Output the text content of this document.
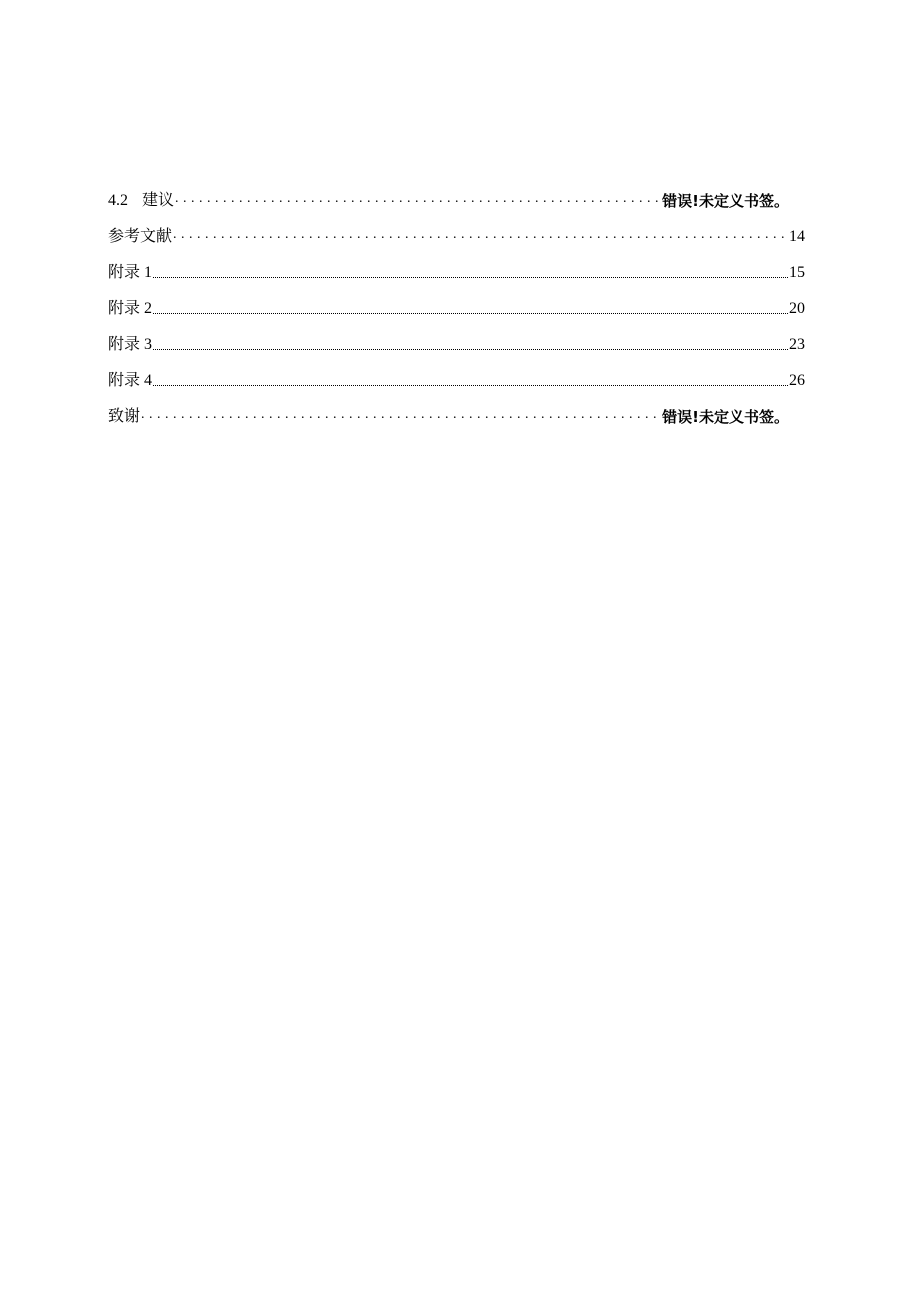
4.2 建议 . . .	错误!未定义书签。
参考文献 . . .	14
附录 1	15
附录 2	20
附录 3	23
附录 4	26
致谢 . . .	错误!未定义书签。
